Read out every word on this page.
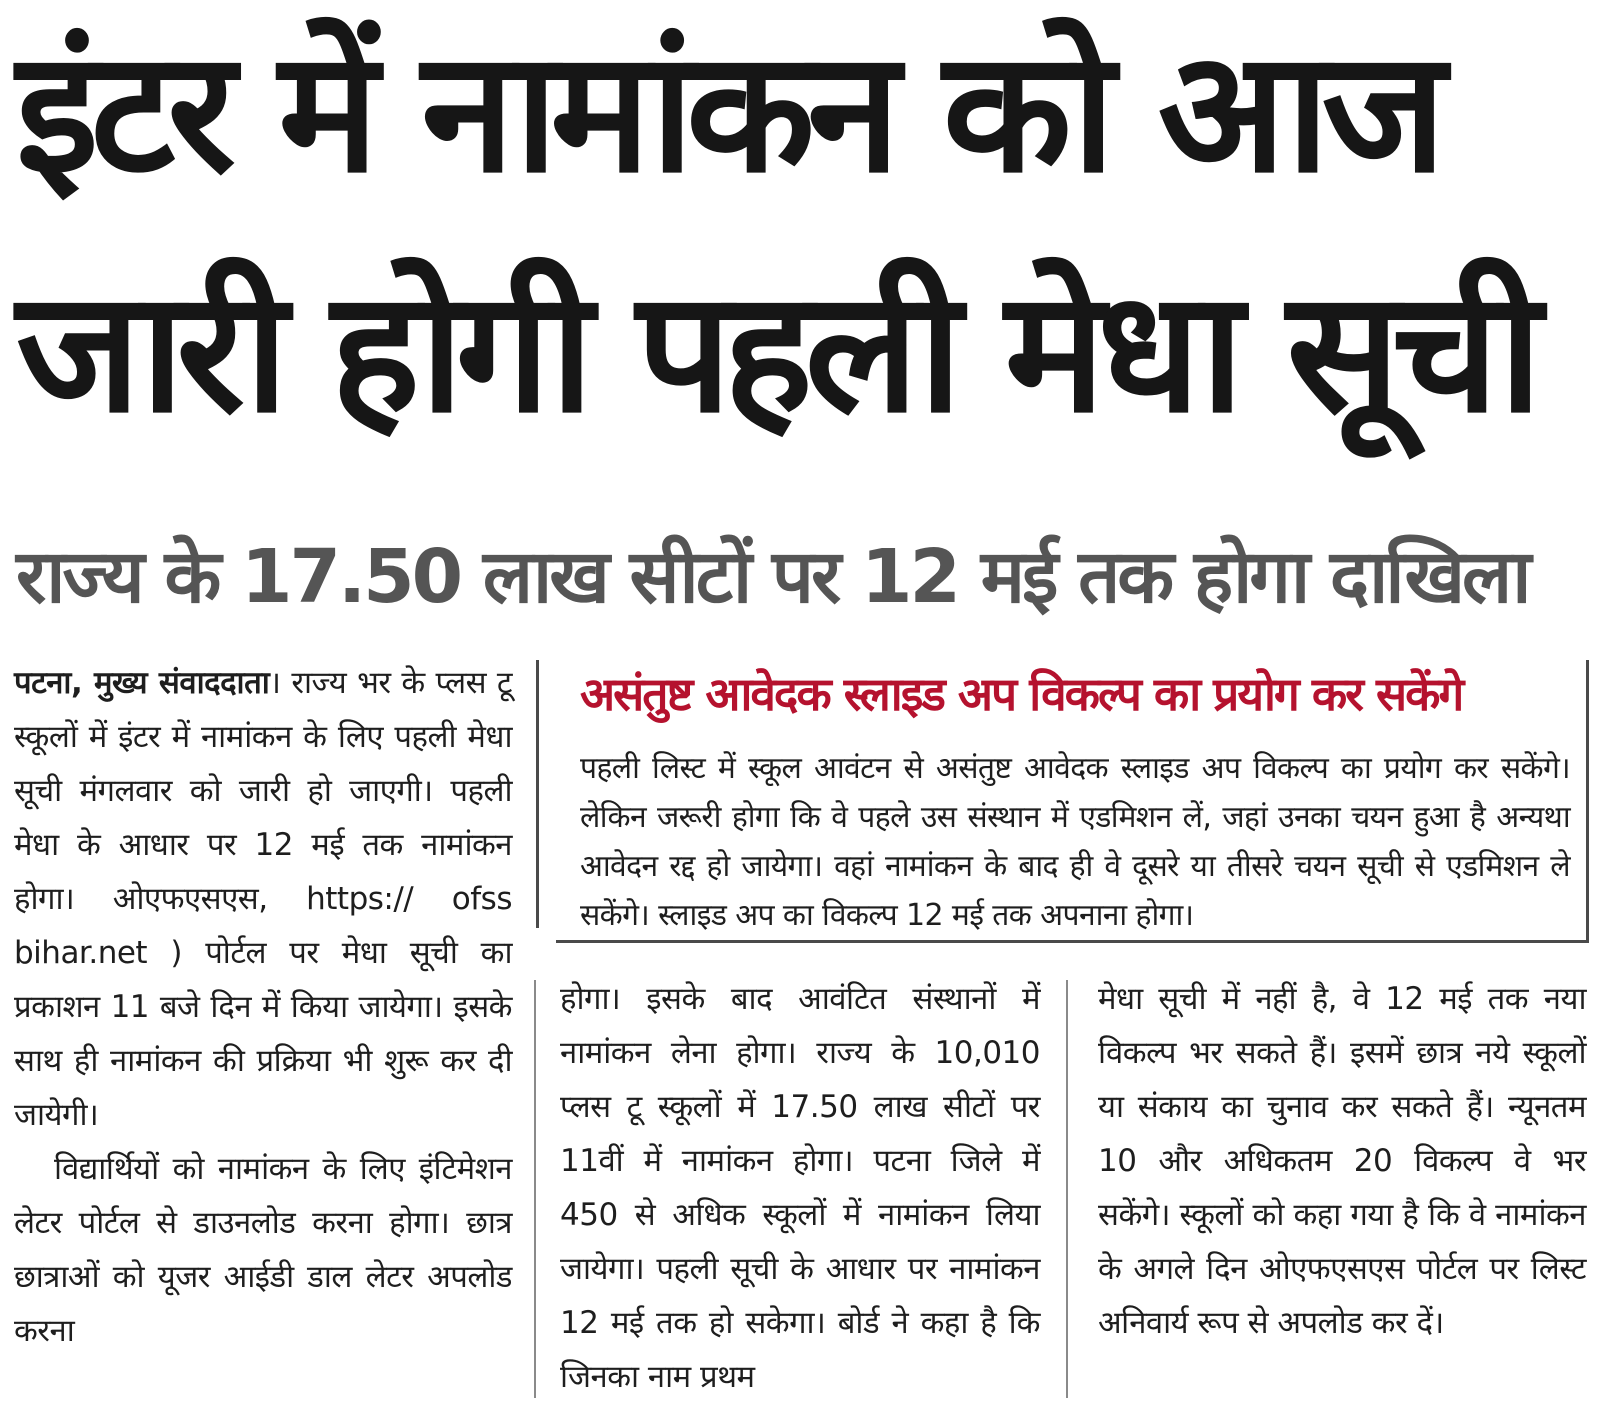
इंटर में नामांकन को आज
जारी होगी पहली मेधा सूची
राज्य के 17.50 लाख सीटों पर 12 मई तक होगा दाखिला

पटना, मुख्य संवाददाता। राज्य भर के प्लस टू स्कूलों में इंटर में नामांकन के लिए पहली मेधा सूची मंगलवार को जारी हो जाएगी। पहली मेधा के आधार पर 12 मई तक नामांकन होगा। ओएफएसएस, https:// ofss bihar.net ) पोर्टल पर मेधा सूची का प्रकाशन 11 बजे दिन में किया जायेगा। इसके साथ ही नामांकन की प्रक्रिया भी शुरू कर दी जायेगी।

विद्यार्थियों को नामांकन के लिए इंटिमेशन लेटर पोर्टल से डाउनलोड करना होगा। छात्र छात्राओं को यूजर आईडी डाल लेटर अपलोड करना

असंतुष्ट आवेदक स्लाइड अप विकल्प का प्रयोग कर सकेंगे
पहली लिस्ट में स्कूल आवंटन से असंतुष्ट आवेदक स्लाइड अप विकल्प का प्रयोग कर सकेंगे। लेकिन जरूरी होगा कि वे पहले उस संस्थान में एडमिशन लें, जहां उनका चयन हुआ है अन्यथा आवेदन रद्द हो जायेगा। वहां नामांकन के बाद ही वे दूसरे या तीसरे चयन सूची से एडमिशन ले सकेंगे। स्लाइड अप का विकल्प 12 मई तक अपनाना होगा।
होगा। इसके बाद आवंटित संस्थानों में नामांकन लेना होगा। राज्य के 10,010 प्लस टू स्कूलों में 17.50 लाख सीटों पर 11वीं में नामांकन होगा। पटना जिले में 450 से अधिक स्कूलों में नामांकन लिया जायेगा। पहली सूची के आधार पर नामांकन 12 मई तक हो सकेगा। बोर्ड ने कहा है कि जिनका नाम प्रथम
मेधा सूची में नहीं है, वे 12 मई तक नया विकल्प भर सकते हैं। इसमें छात्र नये स्कूलों या संकाय का चुनाव कर सकते हैं। न्यूनतम 10 और अधिकतम 20 विकल्प वे भर सकेंगे। स्कूलों को कहा गया है कि वे नामांकन के अगले दिन ओएफएसएस पोर्टल पर लिस्ट अनिवार्य रूप से अपलोड कर दें।
